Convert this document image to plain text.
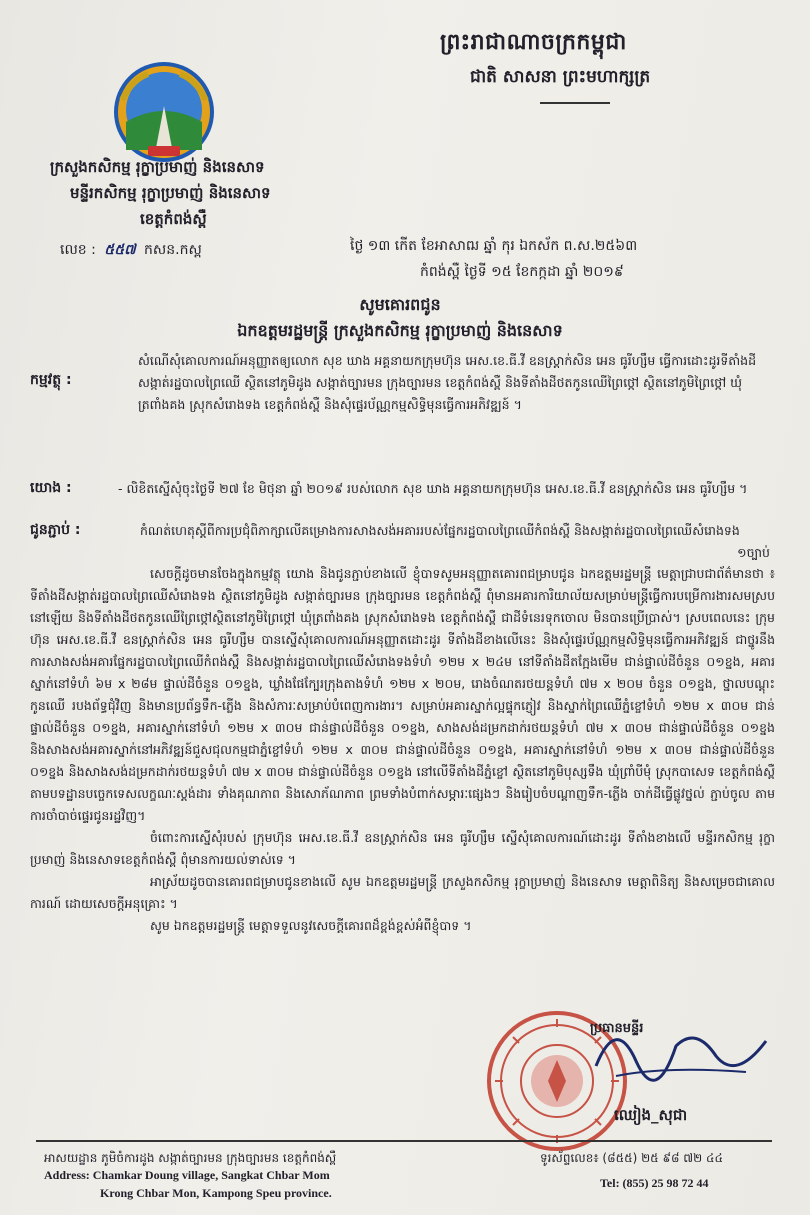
ព្រះរាជាណាចក្រកម្ពុជា
ជាតិ សាសនា ព្រះមហាក្សត្រ
ក្រសួងកសិកម្ម រុក្ខាប្រមាញ់ និងនេសាទ
មន្ទីរកសិកម្ម រុក្ខាប្រមាញ់ និងនេសាទ
ខេត្តកំពង់ស្ពឺ
លេខ : ៥៥៧ កសន.កស្ព	ថ្ងៃ ១៣ កើត ខែអាសាឍ ឆ្នាំ កុរ ឯកស័ក ព.ស.២៥៦៣
កំពង់ស្ពឺ ថ្ងៃទី ១៥ ខែកក្កដា ឆ្នាំ ២០១៩
សូមគោរពជូន
ឯកឧត្តមរដ្ឋមន្ត្រី ក្រសួងកសិកម្ម រុក្ខាប្រមាញ់ និងនេសាទ
កម្មវត្ថុ :
សំណើសុំគោលការណ៍អនុញ្ញាតឲ្យលោក សុខ ឃាង អគ្គនាយកក្រុមហ៊ុន អេស.ខេ.ធី.វី ឧនស្ត្រាក់សិន អេន ធូរីហ្សឹម ធ្វើការដោះដូរទីតាំងដីសង្កាត់រដ្ឋបាលព្រៃឈើ ស្ថិតនៅភូមិដូង សង្កាត់ច្បារមន ក្រុងច្បារមន ខេត្តកំពង់ស្ពឺ និងទីតាំងដីថតកូនឈើព្រៃថ្កៅ ស្ថិតនៅភូមិព្រៃថ្កៅ ឃុំត្រពាំងគង ស្រុកសំរោងទង ខេត្តកំពង់ស្ពឺ និងសុំផ្ទេរប័ណ្ណកម្មសិទ្ធិមុនធ្វើការអភិវឌ្ឍន៍ ។
យោង :	- លិខិតស្នើសុំចុះថ្ងៃទី ២៧ ខែ មិថុនា ឆ្នាំ ២០១៩ របស់លោក សុខ ឃាង អគ្គនាយកក្រុមហ៊ុន អេស.ខេ.ធី.វី ឧនស្ត្រាក់សិន អេន ធូរីហ្សឹម ។
ជូនភ្ជាប់ :	កំណត់ហេតុស្តីពីការប្រជុំពិភាក្សាលើគម្រោងការសាងសង់អគាររបស់ផ្នែករដ្ឋបាលព្រៃឈើកំពង់ស្ពឺ និងសង្កាត់រដ្ឋបាលព្រៃឈើសំរោងទង
១ច្បាប់

សេចក្តីដូចមានចែងក្នុងកម្មវត្ថុ យោង និងជូនភ្ជាប់ខាងលើ ខ្ញុំបាទសូមអនុញ្ញាតគោរពជម្រាបជូន ឯកឧត្តមរដ្ឋមន្ត្រី មេត្តាជ្រាបជាព័ត៌មានថា ៖ ទីតាំងដីសង្កាត់រដ្ឋបាលព្រៃឈើសំរោងទង ស្ថិតនៅភូមិដូង សង្កាត់ច្បារមន ក្រុងច្បារមន ខេត្តកំពង់ស្ពឺ ពុំមានអគារការិយាល័យសម្រាប់មន្ត្រីធ្វើការបម្រើការងារសមស្របនៅឡើយ និងទីតាំងដីថតកូនឈើព្រៃថ្កៅស្ថិតនៅភូមិព្រៃថ្កៅ ឃុំត្រពាំងគង ស្រុកសំរោងទង ខេត្តកំពង់ស្ពឺ ជាដីទំនេរទុកចោល មិនបានប្រើប្រាស់។ ស្របពេលនេះ ក្រុមហ៊ុន អេស.ខេ.ធី.វី ឧនស្ត្រាក់សិន អេន ធូរីហ្សឹម បានស្នើសុំគោលការណ៍អនុញ្ញាតដោះដូរ ទីតាំងដីខាងលើនេះ និងសុំផ្ទេរប័ណ្ណកម្មសិទ្ធិមុនធ្វើការអភិវឌ្ឍន៍ ជាថ្នូរនឹងការសាងសង់អគារផ្នែករដ្ឋបាលព្រៃឈើកំពង់ស្ពឺ និងសង្កាត់រដ្ឋបាលព្រៃឈើសំរោងទងទំហំ ១២ម x ២៤ម នៅទីតាំងដីតក្អែងមើម ជាន់ផ្ទាល់ដីចំនួន ០១ខ្នង, អគារស្នាក់នៅទំហំ ៦ម x ២៨ម ផ្ទាល់ដីចំនួន ០១ខ្នង, ឃ្លាំងផែក្បែរក្រុងតាងទំហំ ១២ម x ២០ម, រោងចំណតរថយន្តទំហំ ៧ម x ២០ម ចំនួន ០១ខ្នង, ថ្នាលបណ្តុះកូនឈើ របងព័ទ្ធជុំវិញ និងមានប្រព័ន្ធទឹក-ភ្លើង និងសំភារៈសម្រាប់បំពេញការងារ។ សម្រាប់អគារស្នាក់ល្អផ្ទុកភ្ញៀវ និងស្នាក់ព្រៃឈើភ្នំខ្ចៅទំហំ ១២ម x ៣០ម ជាន់ផ្ទាល់ដីចំនួន ០១ខ្នង, អគារស្នាក់នៅទំហំ ១២ម x ៣០ម ជាន់ផ្ទាល់ដីចំនួន ០១ខ្នង, សាងសង់ដម្រកដាក់រថយន្តទំហំ ៧ម x ៣០ម ជាន់ផ្ទាល់ដីចំនួន ០១ខ្នង និងសាងសង់អគារស្នាក់នៅអភិវឌ្ឍន៍ជួសជុលកម្មជាភ្នំខ្ចៅទំហំ ១២ម x ៣០ម ជាន់ផ្ទាល់ដីចំនួន ០១ខ្នង, អគារស្នាក់នៅទំហំ ១២ម x ៣០ម ជាន់ផ្ទាល់ដីចំនួន ០១ខ្នង និងសាងសង់ដម្រកដាក់រថយន្តទំហំ ៧ម x ៣០ម ជាន់ផ្ទាល់ដីចំនួន ០១ខ្នង នៅលើទីតាំងដីភ្នំខ្ចៅ ស្ថិតនៅភូមិបុស្សទឹង ឃុំព្រាំបីមុំ ស្រុកបាសេទ ខេត្តកំពង់ស្ពឺ តាមបទដ្ឋានបច្ចេកទេសលក្ខណៈស្តង់ដារ ទាំងគុណភាព និងសោភ័ណភាព ព្រមទាំងបំពាក់សម្ភារៈផ្សេងៗ និងរៀបចំបណ្តាញទឹក-ភ្លើង ចាក់ដីធ្វើផ្លូវថ្នល់ ភ្ជាប់ចូល តាមការចាំបាច់ផ្ទេរជូនរដ្ឋវិញ។

ចំពោះការស្នើសុំរបស់ ក្រុមហ៊ុន អេស.ខេ.ធី.វី ឧនស្ត្រាក់សិន អេន ធូរីហ្សឹម ស្នើសុំគោលការណ៍ដោះដូរ ទីតាំងខាងលើ មន្ទីរកសិកម្ម រុក្ខាប្រមាញ់ និងនេសាទខេត្តកំពង់ស្ពឺ ពុំមានការយល់ទាស់ទេ ។

អាស្រ័យដូចបានគោរពជម្រាបជូនខាងលើ សូម ឯកឧត្តមរដ្ឋមន្ត្រី ក្រសួងកសិកម្ម រុក្ខាប្រមាញ់ និងនេសាទ មេត្តាពិនិត្យ និងសម្រេចជាគោលការណ៍ ដោយសេចក្តីអនុគ្រោះ ។

សូម ឯកឧត្តមរដ្ឋមន្ត្រី មេត្តាទទួលនូវសេចក្តីគោរពដ៏ខ្ពង់ខ្ពស់អំពីខ្ញុំបាទ ។

ប្រធានមន្ទីរ
ឈៀង_សុជា
អាសយដ្ឋាន ភូមិចំការដូង សង្កាត់ច្បារមន ក្រុងច្បារមន ខេត្តកំពង់ស្ពឺ
Address: Chamkar Doung village, Sangkat Chbar Mom
Krong Chbar Mon, Kampong Speu province.
ទូរស័ព្ទលេខ៖ (៨៥៥) ២៥ ៩៨ ៧២ ៤៤
Tel: (855) 25 98 72 44
